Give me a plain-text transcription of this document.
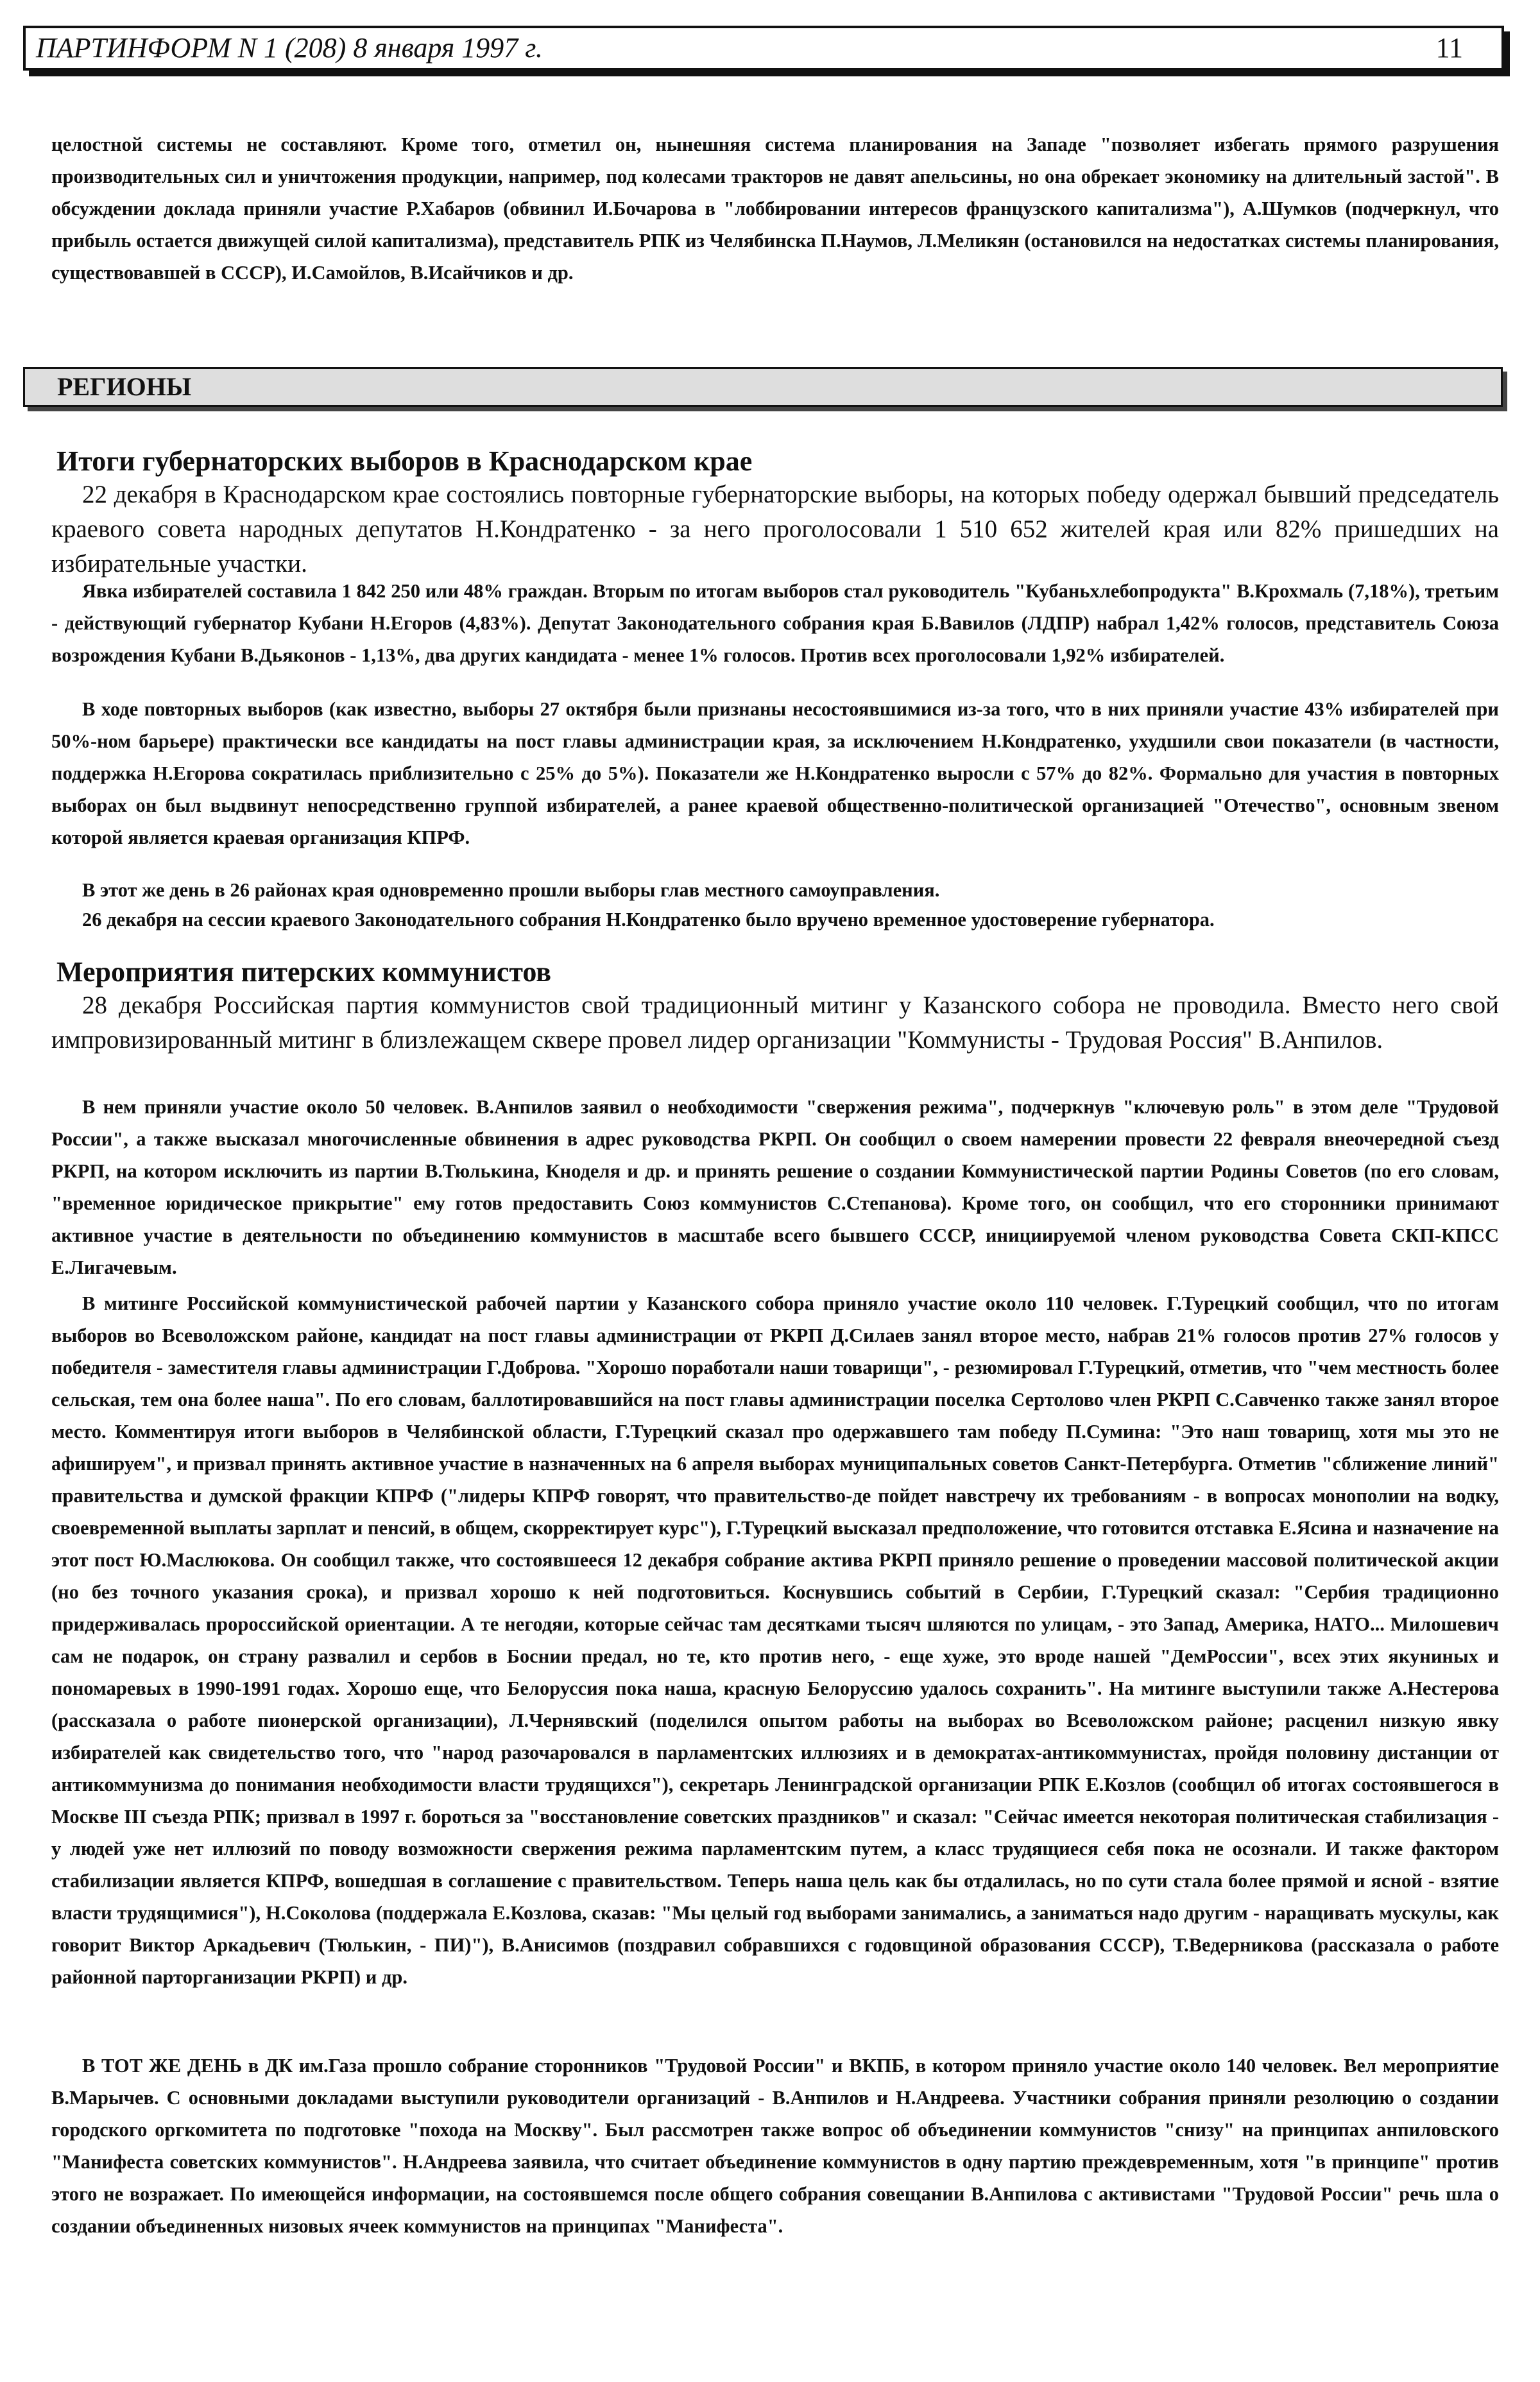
ПАРТИНФОРМ N 1 (208) 8 января 1997 г.	11

целостной системы не составляют. Кроме того, отметил он, нынешняя система планирования на Западе "позволяет избегать прямого разрушения производительных сил и уничтожения продукции, например, под колесами тракторов не давят апельсины, но она обрекает экономику на длительный застой". В обсуждении доклада приняли участие Р.Хабаров (обвинил И.Бочарова в "лоббировании интересов французского капитализма"), А.Шумков (подчеркнул, что прибыль остается движущей силой капитализма), представитель РПК из Челябинска П.Наумов, Л.Меликян (остановился на недостатках системы планирования, существовавшей в СССР), И.Самойлов, В.Исайчиков и др.

РЕГИОНЫ
Итоги губернаторских выборов в Краснодарском крае

22 декабря в Краснодарском крае состоялись повторные губернаторские выборы, на которых победу одержал бывший председатель краевого совета народных депутатов Н.Кондратенко - за него проголосовали 1 510 652 жителей края или 82% пришедших на избирательные участки.

Явка избирателей составила 1 842 250 или 48% граждан. Вторым по итогам выборов стал руководитель "Кубаньхлебопродукта" В.Крохмаль (7,18%), третьим - действующий губернатор Кубани Н.Егоров (4,83%). Депутат Законодательного собрания края Б.Вавилов (ЛДПР) набрал 1,42% голосов, представитель Союза возрождения Кубани В.Дьяконов - 1,13%, два других кандидата - менее 1% голосов. Против всех проголосовали 1,92% избирателей.

В ходе повторных выборов (как известно, выборы 27 октября были признаны несостоявшимися из-за того, что в них приняли участие 43% избирателей при 50%-ном барьере) практически все кандидаты на пост главы администрации края, за исключением Н.Кондратенко, ухудшили свои показатели (в частности, поддержка Н.Егорова сократилась приблизительно с 25% до 5%). Показатели же Н.Кондратенко выросли с 57% до 82%. Формально для участия в повторных выборах он был выдвинут непосредственно группой избирателей, а ранее краевой общественно-политической организацией "Отечество", основным звеном которой является краевая организация КПРФ.

В этот же день в 26 районах края одновременно прошли выборы глав местного самоуправления.

26 декабря на сессии краевого Законодательного собрания Н.Кондратенко было вручено временное удостоверение губернатора.

Мероприятия питерских коммунистов

28 декабря Российская партия коммунистов свой традиционный митинг у Казанского собора не проводила. Вместо него свой импровизированный митинг в близлежащем сквере провел лидер организации "Коммунисты - Трудовая Россия" В.Анпилов.

В нем приняли участие около 50 человек. В.Анпилов заявил о необходимости "свержения режима", подчеркнув "ключевую роль" в этом деле "Трудовой России", а также высказал многочисленные обвинения в адрес руководства РКРП. Он сообщил о своем намерении провести 22 февраля внеочередной съезд РКРП, на котором исключить из партии В.Тюлькина, Кноделя и др. и принять решение о создании Коммунистической партии Родины Советов (по его словам, "временное юридическое прикрытие" ему готов предоставить Союз коммунистов С.Степанова). Кроме того, он сообщил, что его сторонники принимают активное участие в деятельности по объединению коммунистов в масштабе всего бывшего СССР, инициируемой членом руководства Совета СКП-КПСС Е.Лигачевым.

В митинге Российской коммунистической рабочей партии у Казанского собора приняло участие около 110 человек. Г.Турецкий сообщил, что по итогам выборов во Всеволожском районе, кандидат на пост главы администрации от РКРП Д.Силаев занял второе место, набрав 21% голосов против 27% голосов у победителя - заместителя главы администрации Г.Доброва. "Хорошо поработали наши товарищи", - резюмировал Г.Турецкий, отметив, что "чем местность более сельская, тем она более наша". По его словам, баллотировавшийся на пост главы администрации поселка Сертолово член РКРП С.Савченко также занял второе место. Комментируя итоги выборов в Челябинской области, Г.Турецкий сказал про одержавшего там победу П.Сумина: "Это наш товарищ, хотя мы это не афишируем", и призвал принять активное участие в назначенных на 6 апреля выборах муниципальных советов Санкт-Петербурга. Отметив "сближение линий" правительства и думской фракции КПРФ ("лидеры КПРФ говорят, что правительство-де пойдет навстречу их требованиям - в вопросах монополии на водку, своевременной выплаты зарплат и пенсий, в общем, скорректирует курс"), Г.Турецкий высказал предположение, что готовится отставка Е.Ясина и назначение на этот пост Ю.Маслюкова. Он сообщил также, что состоявшееся 12 декабря собрание актива РКРП приняло решение о проведении массовой политической акции (но без точного указания срока), и призвал хорошо к ней подготовиться. Коснувшись событий в Сербии, Г.Турецкий сказал: "Сербия традиционно придерживалась пророссийской ориентации. А те негодяи, которые сейчас там десятками тысяч шляются по улицам, - это Запад, Америка, НАТО... Милошевич сам не подарок, он страну развалил и сербов в Боснии предал, но те, кто против него, - еще хуже, это вроде нашей "ДемРоссии", всех этих якуниных и пономаревых в 1990-1991 годах. Хорошо еще, что Белоруссия пока наша, красную Белоруссию удалось сохранить". На митинге выступили также А.Нестерова (рассказала о работе пионерской организации), Л.Чернявский (поделился опытом работы на выборах во Всеволожском районе; расценил низкую явку избирателей как свидетельство того, что "народ разочаровался в парламентских иллюзиях и в демократах-антикоммунистах, пройдя половину дистанции от антикоммунизма до понимания необходимости власти трудящихся"), секретарь Ленинградской организации РПК Е.Козлов (сообщил об итогах состоявшегося в Москве III съезда РПК; призвал в 1997 г. бороться за "восстановление советских праздников" и сказал: "Сейчас имеется некоторая политическая стабилизация - у людей уже нет иллюзий по поводу возможности свержения режима парламентским путем, а класс трудящиеся себя пока не осознали. И также фактором стабилизации является КПРФ, вошедшая в соглашение с правительством. Теперь наша цель как бы отдалилась, но по сути стала более прямой и ясной - взятие власти трудящимися"), Н.Соколова (поддержала Е.Козлова, сказав: "Мы целый год выборами занимались, а заниматься надо другим - наращивать мускулы, как говорит Виктор Аркадьевич (Тюлькин, - ПИ)"), В.Анисимов (поздравил собравшихся с годовщиной образования СССР), Т.Ведерникова (рассказала о работе районной парторганизации РКРП) и др.

В ТОТ ЖЕ ДЕНЬ в ДК им.Газа прошло собрание сторонников "Трудовой России" и ВКПБ, в котором приняло участие около 140 человек. Вел мероприятие В.Марычев. С основными докладами выступили руководители организаций - В.Анпилов и Н.Андреева. Участники собрания приняли резолюцию о создании городского оргкомитета по подготовке "похода на Москву". Был рассмотрен также вопрос об объединении коммунистов "снизу" на принципах анпиловского "Манифеста советских коммунистов". Н.Андреева заявила, что считает объединение коммунистов в одну партию преждевременным, хотя "в принципе" против этого не возражает. По имеющейся информации, на состоявшемся после общего собрания совещании В.Анпилова с активистами "Трудовой России" речь шла о создании объединенных низовых ячеек коммунистов на принципах "Манифеста".
